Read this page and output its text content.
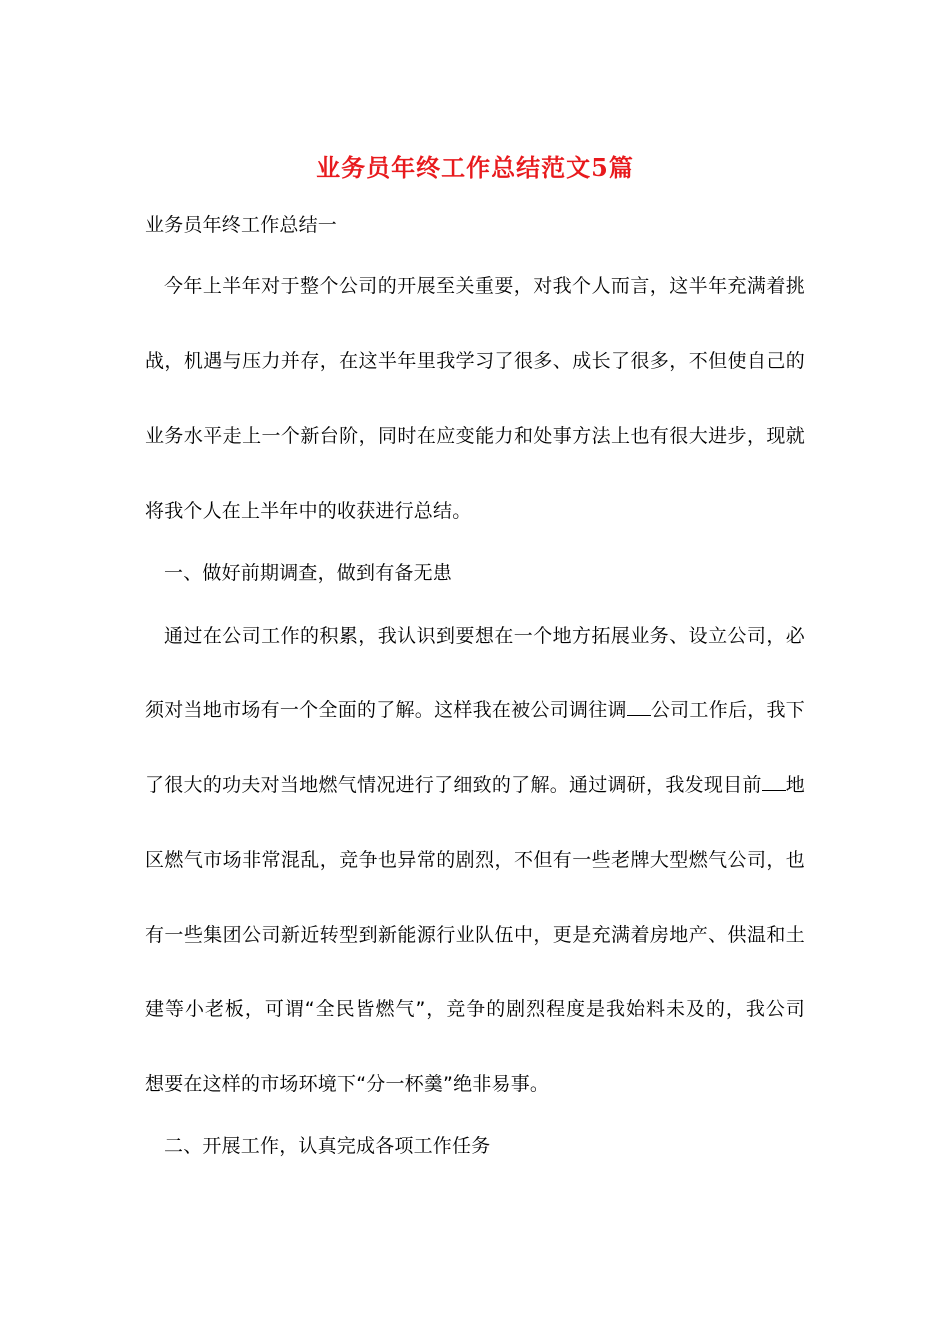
业务员年终工作总结范文5篇
业务员年终工作总结一
今年上半年对于整个公司的开展至关重要，对我个人而言，这半年充满着挑
战，机遇与压力并存，在这半年里我学习了很多、成长了很多，不但使自己的
业务水平走上一个新台阶，同时在应变能力和处事方法上也有很大进步，现就
将我个人在上半年中的收获进行总结。
一、做好前期调查，做到有备无患
通过在公司工作的积累，我认识到要想在一个地方拓展业务、设立公司，必
须对当地市场有一个全面的了解。这样我在被公司调往调 公司工作后，我下
了很大的功夫对当地燃气情况进行了细致的了解。通过调研，我发现目前 地
区燃气市场非常混乱，竞争也异常的剧烈，不但有一些老牌大型燃气公司，也
有一些集团公司新近转型到新能源行业队伍中，更是充满着房地产、供温和土
建等小老板，可谓“全民皆燃气”，竞争的剧烈程度是我始料未及的，我公司
想要在这样的市场环境下“分一杯羹”绝非易事。
二、开展工作，认真完成各项工作任务
